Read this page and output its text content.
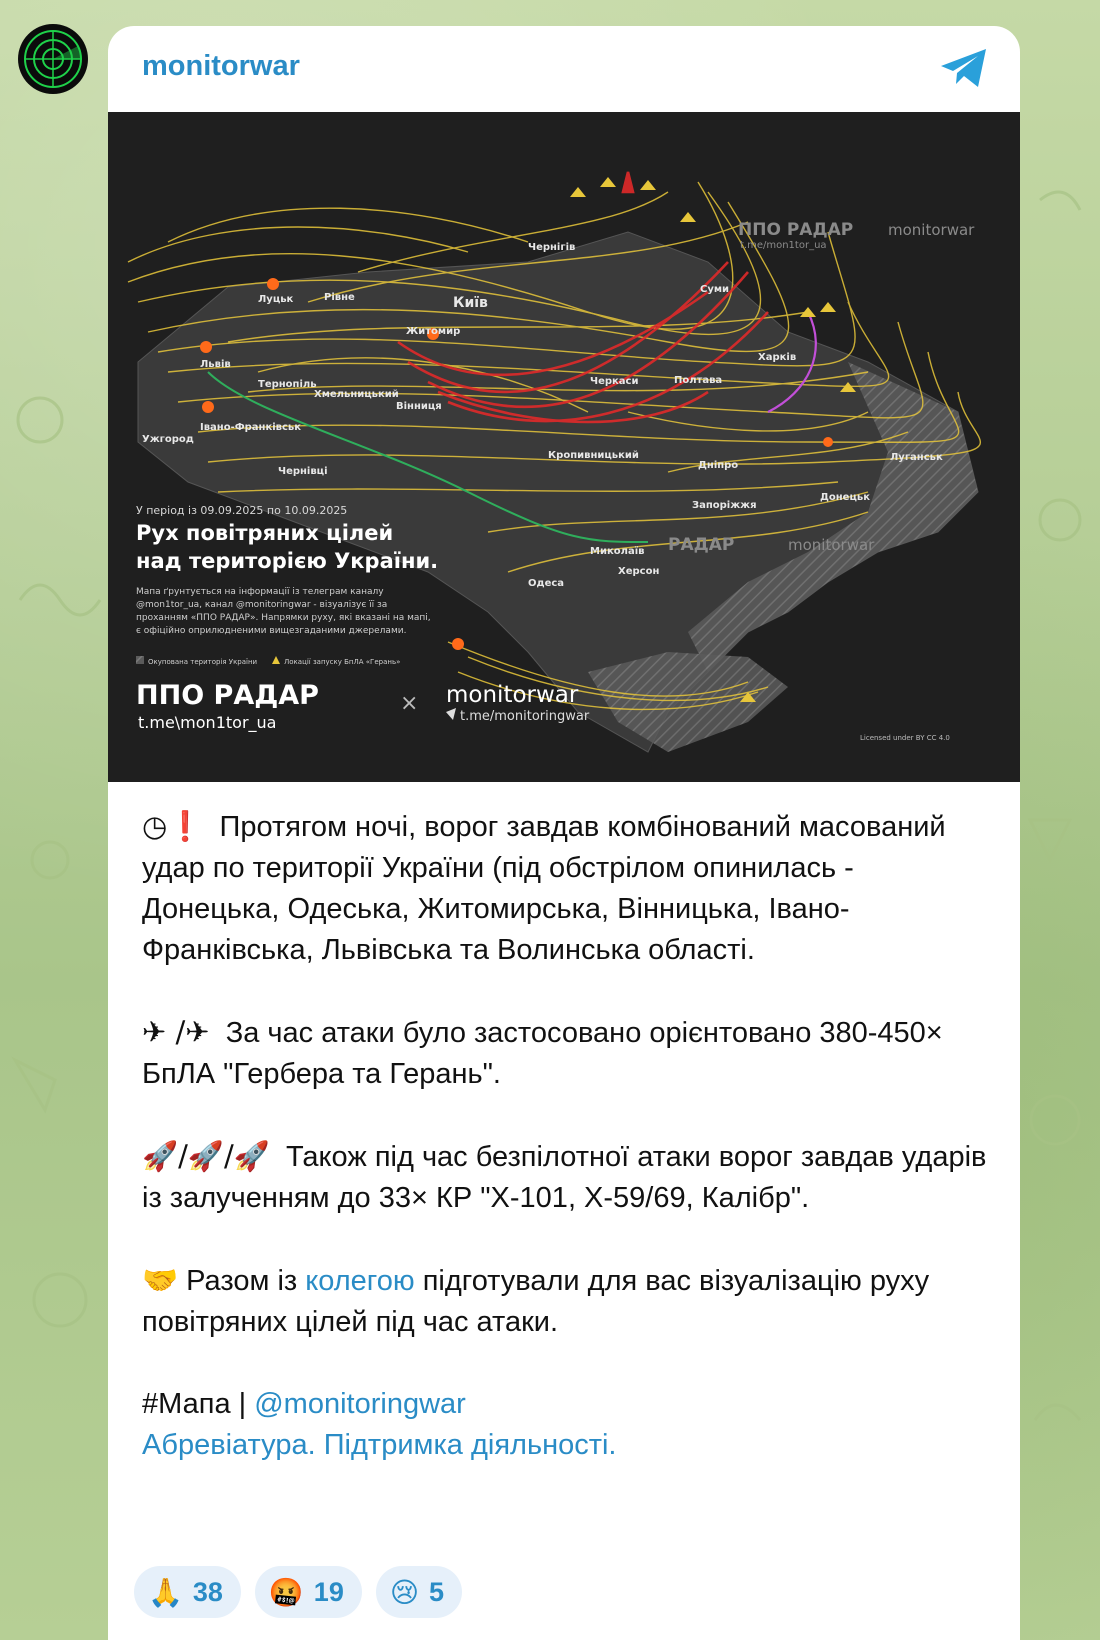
monitorwar
Чернігів
Суми
Київ
Луцьк	Рівне
Житомир
Львів
Тернопіль
Хмельницький
Вінниця
Івано-Франківськ
Ужгород
Чернівці
Харків
Полтава
Черкаси
Кропивницький
Дніпро
Луганськ
Донецьк
Запоріжжя
Миколаїв
Херсон
Одеса
ППО РАДАР
t.me/mon1tor_ua
monitorwar
РАДАР	monitorwar
У період із 09.09.2025 по 10.09.2025
Рух повітряних цілей
над територією України.
Мапа ґрунтується на інформації із телеграм каналу
@mon1tor_ua, канал @monitoringwar - візуалізує її за
проханням «ППО РАДАР». Напрямки руху, які вказані на мапі,
є офіційно оприлюдненими вищезгаданими джерелами.
Окупована територія України	Локації запуску БпЛА «Герань»
ППО РАДАР
t.me\mon1tor_ua
× monitorwar
t.me/monitoringwar
Licensed under BY CC 4.0

◷❗ Протягом ночі, ворог завдав комбінований масований удар по території України (під обстрілом опинилась - Донецька, Одеська, Житомирська, Вінницька, Івано-Франківська, Львівська та Волинська області.

✈ /✈ За час атаки було застосовано орієнтовано 380-450× БпЛА "Гербера та Герань".

🚀/🚀/🚀 Також під час безпілотної атаки ворог завдав ударів із залученням до 33× КР "Х-101, Х-59/69, Калібр".

🤝 Разом із колегою підготували для вас візуалізацію руху повітряних цілей під час атаки.

#Мапа | @monitoringwar
Абревіатура. Підтримка діяльності.

🙏 38 🤬 19 😢 5
